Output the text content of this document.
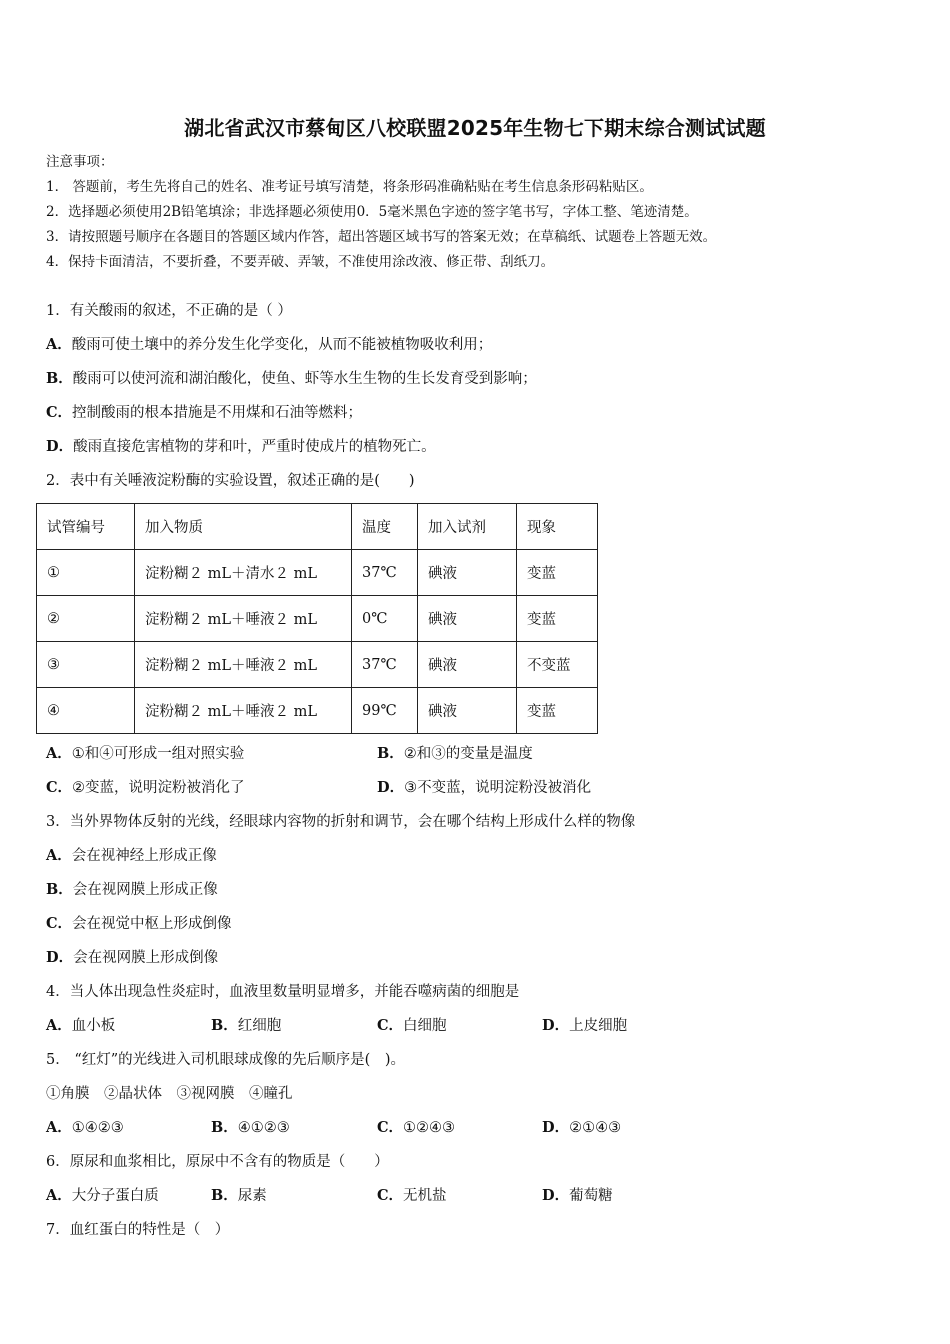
湖北省武汉市蔡甸区八校联盟2025年生物七下期末综合测试试题
注意事项：
1． 答题前，考生先将自己的姓名、准考证号填写清楚，将条形码准确粘贴在考生信息条形码粘贴区。
2．选择题必须使用2B铅笔填涂；非选择题必须使用0．5毫米黑色字迹的签字笔书写，字体工整、笔迹清楚。
3．请按照题号顺序在各题目的答题区域内作答，超出答题区域书写的答案无效；在草稿纸、试题卷上答题无效。
4．保持卡面清洁，不要折叠，不要弄破、弄皱，不准使用涂改液、修正带、刮纸刀。
1．有关酸雨的叙述，不正确的是（ ）
A．酸雨可使土壤中的养分发生化学变化，从而不能被植物吸收利用；
B．酸雨可以使河流和湖泊酸化，使鱼、虾等水生生物的生长发育受到影响；
C．控制酸雨的根本措施是不用煤和石油等燃料；
D．酸雨直接危害植物的芽和叶，严重时使成片的植物死亡。
2．表中有关唾液淀粉酶的实验设置，叙述正确的是(　　)
试管编号	加入物质	温度	加入试剂	现象
①	淀粉糊２ mL＋清水２ mL	37℃	碘液	变蓝
②	淀粉糊２ mL＋唾液２ mL	0℃	碘液	变蓝
③	淀粉糊２ mL＋唾液２ mL	37℃	碘液	不变蓝
④	淀粉糊２ mL＋唾液２ mL	99℃	碘液	变蓝
A．①和④可形成一组对照实验	B．②和③的变量是温度
C．②变蓝，说明淀粉被消化了	D．③不变蓝，说明淀粉没被消化
3．当外界物体反射的光线，经眼球内容物的折射和调节，会在哪个结构上形成什么样的物像
A．会在视神经上形成正像
B．会在视网膜上形成正像
C．会在视觉中枢上形成倒像
D．会在视网膜上形成倒像
4．当人体出现急性炎症时，血液里数量明显增多，并能吞噬病菌的细胞是
A．血小板	B．红细胞	C．白细胞	D．上皮细胞
5． “红灯”的光线进入司机眼球成像的先后顺序是(　)。
①角膜　②晶状体　③视网膜　④瞳孔
A．①④②③	B．④①②③	C．①②④③	D．②①④③
6．原尿和血浆相比，原尿中不含有的物质是（　　）
A．大分子蛋白质	B．尿素	C．无机盐	D．葡萄糖
7．血红蛋白的特性是（　）
